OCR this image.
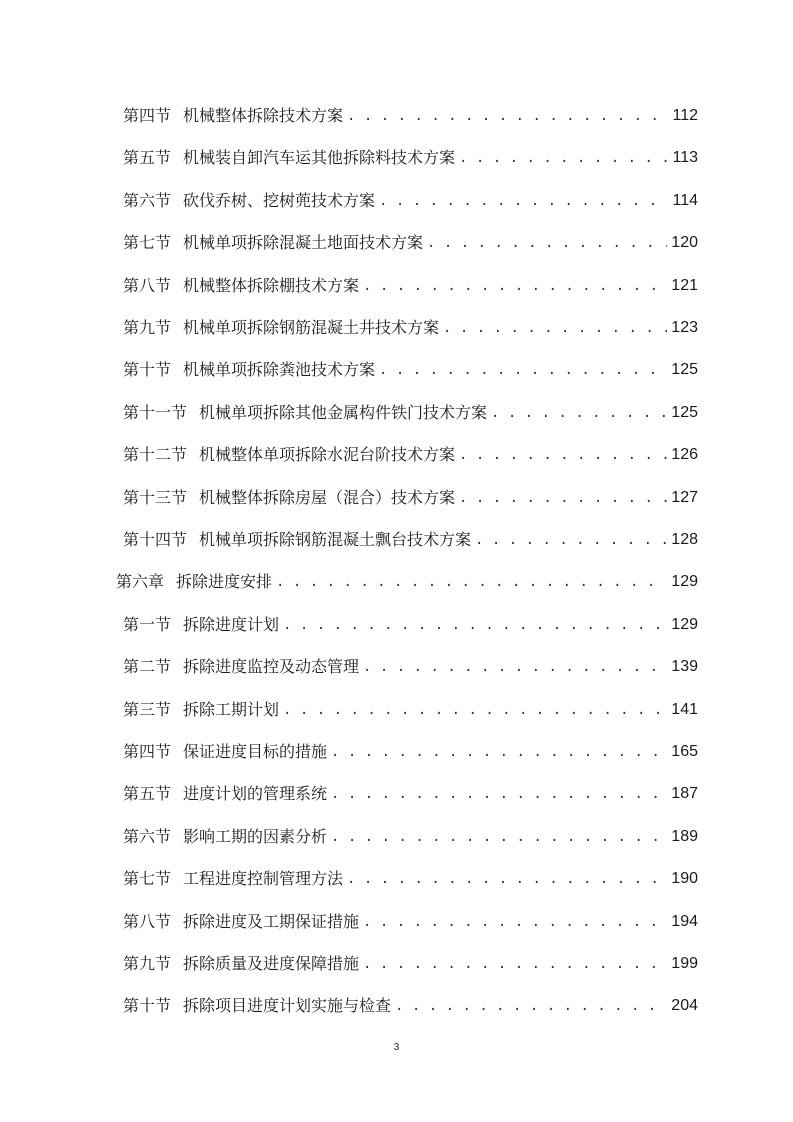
第四节 机械整体拆除技术方案 . . .	112
第五节 机械装自卸汽车运其他拆除料技术方案 . . .	113
第六节 砍伐乔树、挖树蔸技术方案 . . .	114
第七节 机械单项拆除混凝土地面技术方案 . . .	120
第八节 机械整体拆除棚技术方案 . . .	121
第九节 机械单项拆除钢筋混凝土井技术方案 . . .	123
第十节 机械单项拆除粪池技术方案 . . .	125
第十一节 机械单项拆除其他金属构件铁门技术方案 . . .	125
第十二节 机械整体单项拆除水泥台阶技术方案 . . .	126
第十三节 机械整体拆除房屋（混合）技术方案 . . .	127
第十四节 机械单项拆除钢筋混凝土飘台技术方案 . . .	128
第六章 拆除进度安排 . . .	129
第一节 拆除进度计划 . . .	129
第二节 拆除进度监控及动态管理 . . .	139
第三节 拆除工期计划 . . .	141
第四节 保证进度目标的措施 . . .	165
第五节 进度计划的管理系统 . . .	187
第六节 影响工期的因素分析 . . .	189
第七节 工程进度控制管理方法 . . .	190
第八节 拆除进度及工期保证措施 . . .	194
第九节 拆除质量及进度保障措施 . . .	199
第十节 拆除项目进度计划实施与检查 . . .	204
3
